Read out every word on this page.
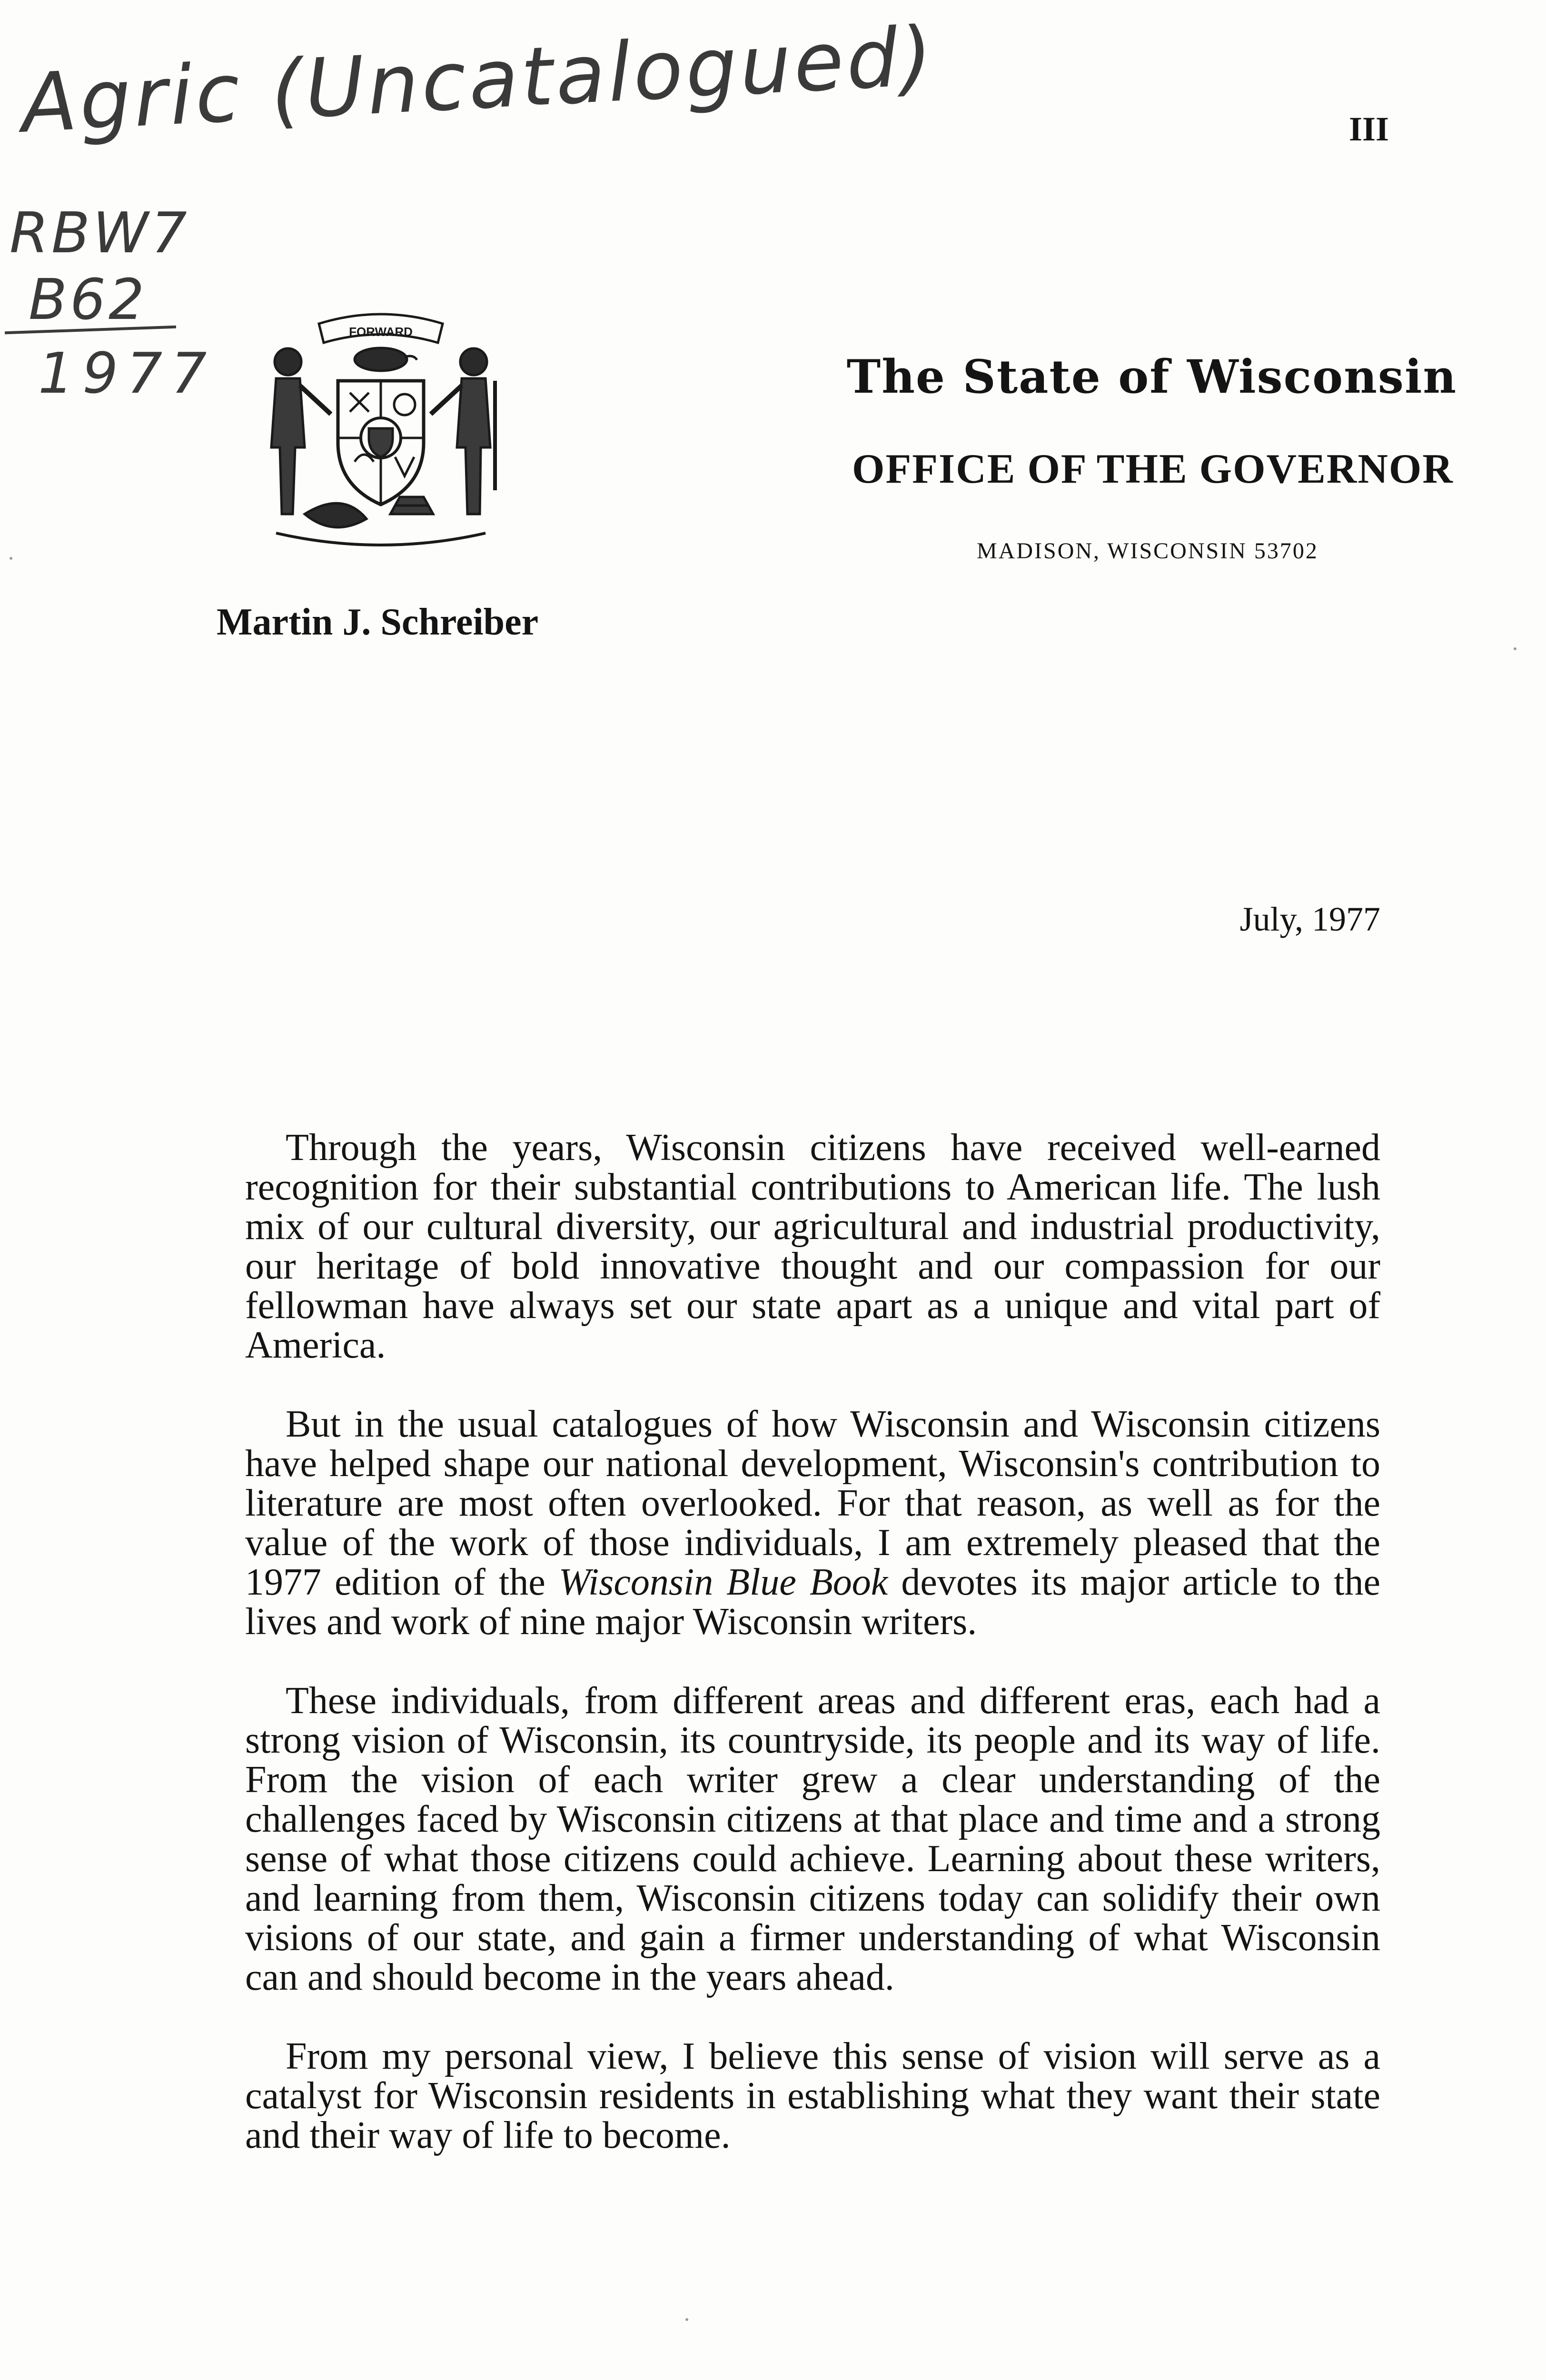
Agric (Uncatalogued)
RBW7
B62
1977
III
FORWARD
The State of Wisconsin
OFFICE OF THE GOVERNOR
MADISON, WISCONSIN 53702
Martin J. Schreiber
July, 1977

Through the years, Wisconsin citizens have received well-earned recognition for their substantial contributions to American life. The lush mix of our cultural diversity, our agricultural and industrial productivity, our heritage of bold innovative thought and our compassion for our fellowman have always set our state apart as a unique and vital part of America.

But in the usual catalogues of how Wisconsin and Wisconsin citizens have helped shape our national development, Wisconsin's contribution to literature are most often overlooked. For that reason, as well as for the value of the work of those individuals, I am extremely pleased that the 1977 edition of the Wisconsin Blue Book devotes its major article to the lives and work of nine major Wisconsin writers.

These individuals, from different areas and different eras, each had a strong vision of Wisconsin, its countryside, its people and its way of life. From the vision of each writer grew a clear understanding of the challenges faced by Wisconsin citizens at that place and time and a strong sense of what those citizens could achieve. Learning about these writers, and learning from them, Wisconsin citizens today can solidify their own visions of our state, and gain a firmer understanding of what Wisconsin can and should become in the years ahead.

From my personal view, I believe this sense of vision will serve as a catalyst for Wisconsin residents in establishing what they want their state and their way of life to become.
